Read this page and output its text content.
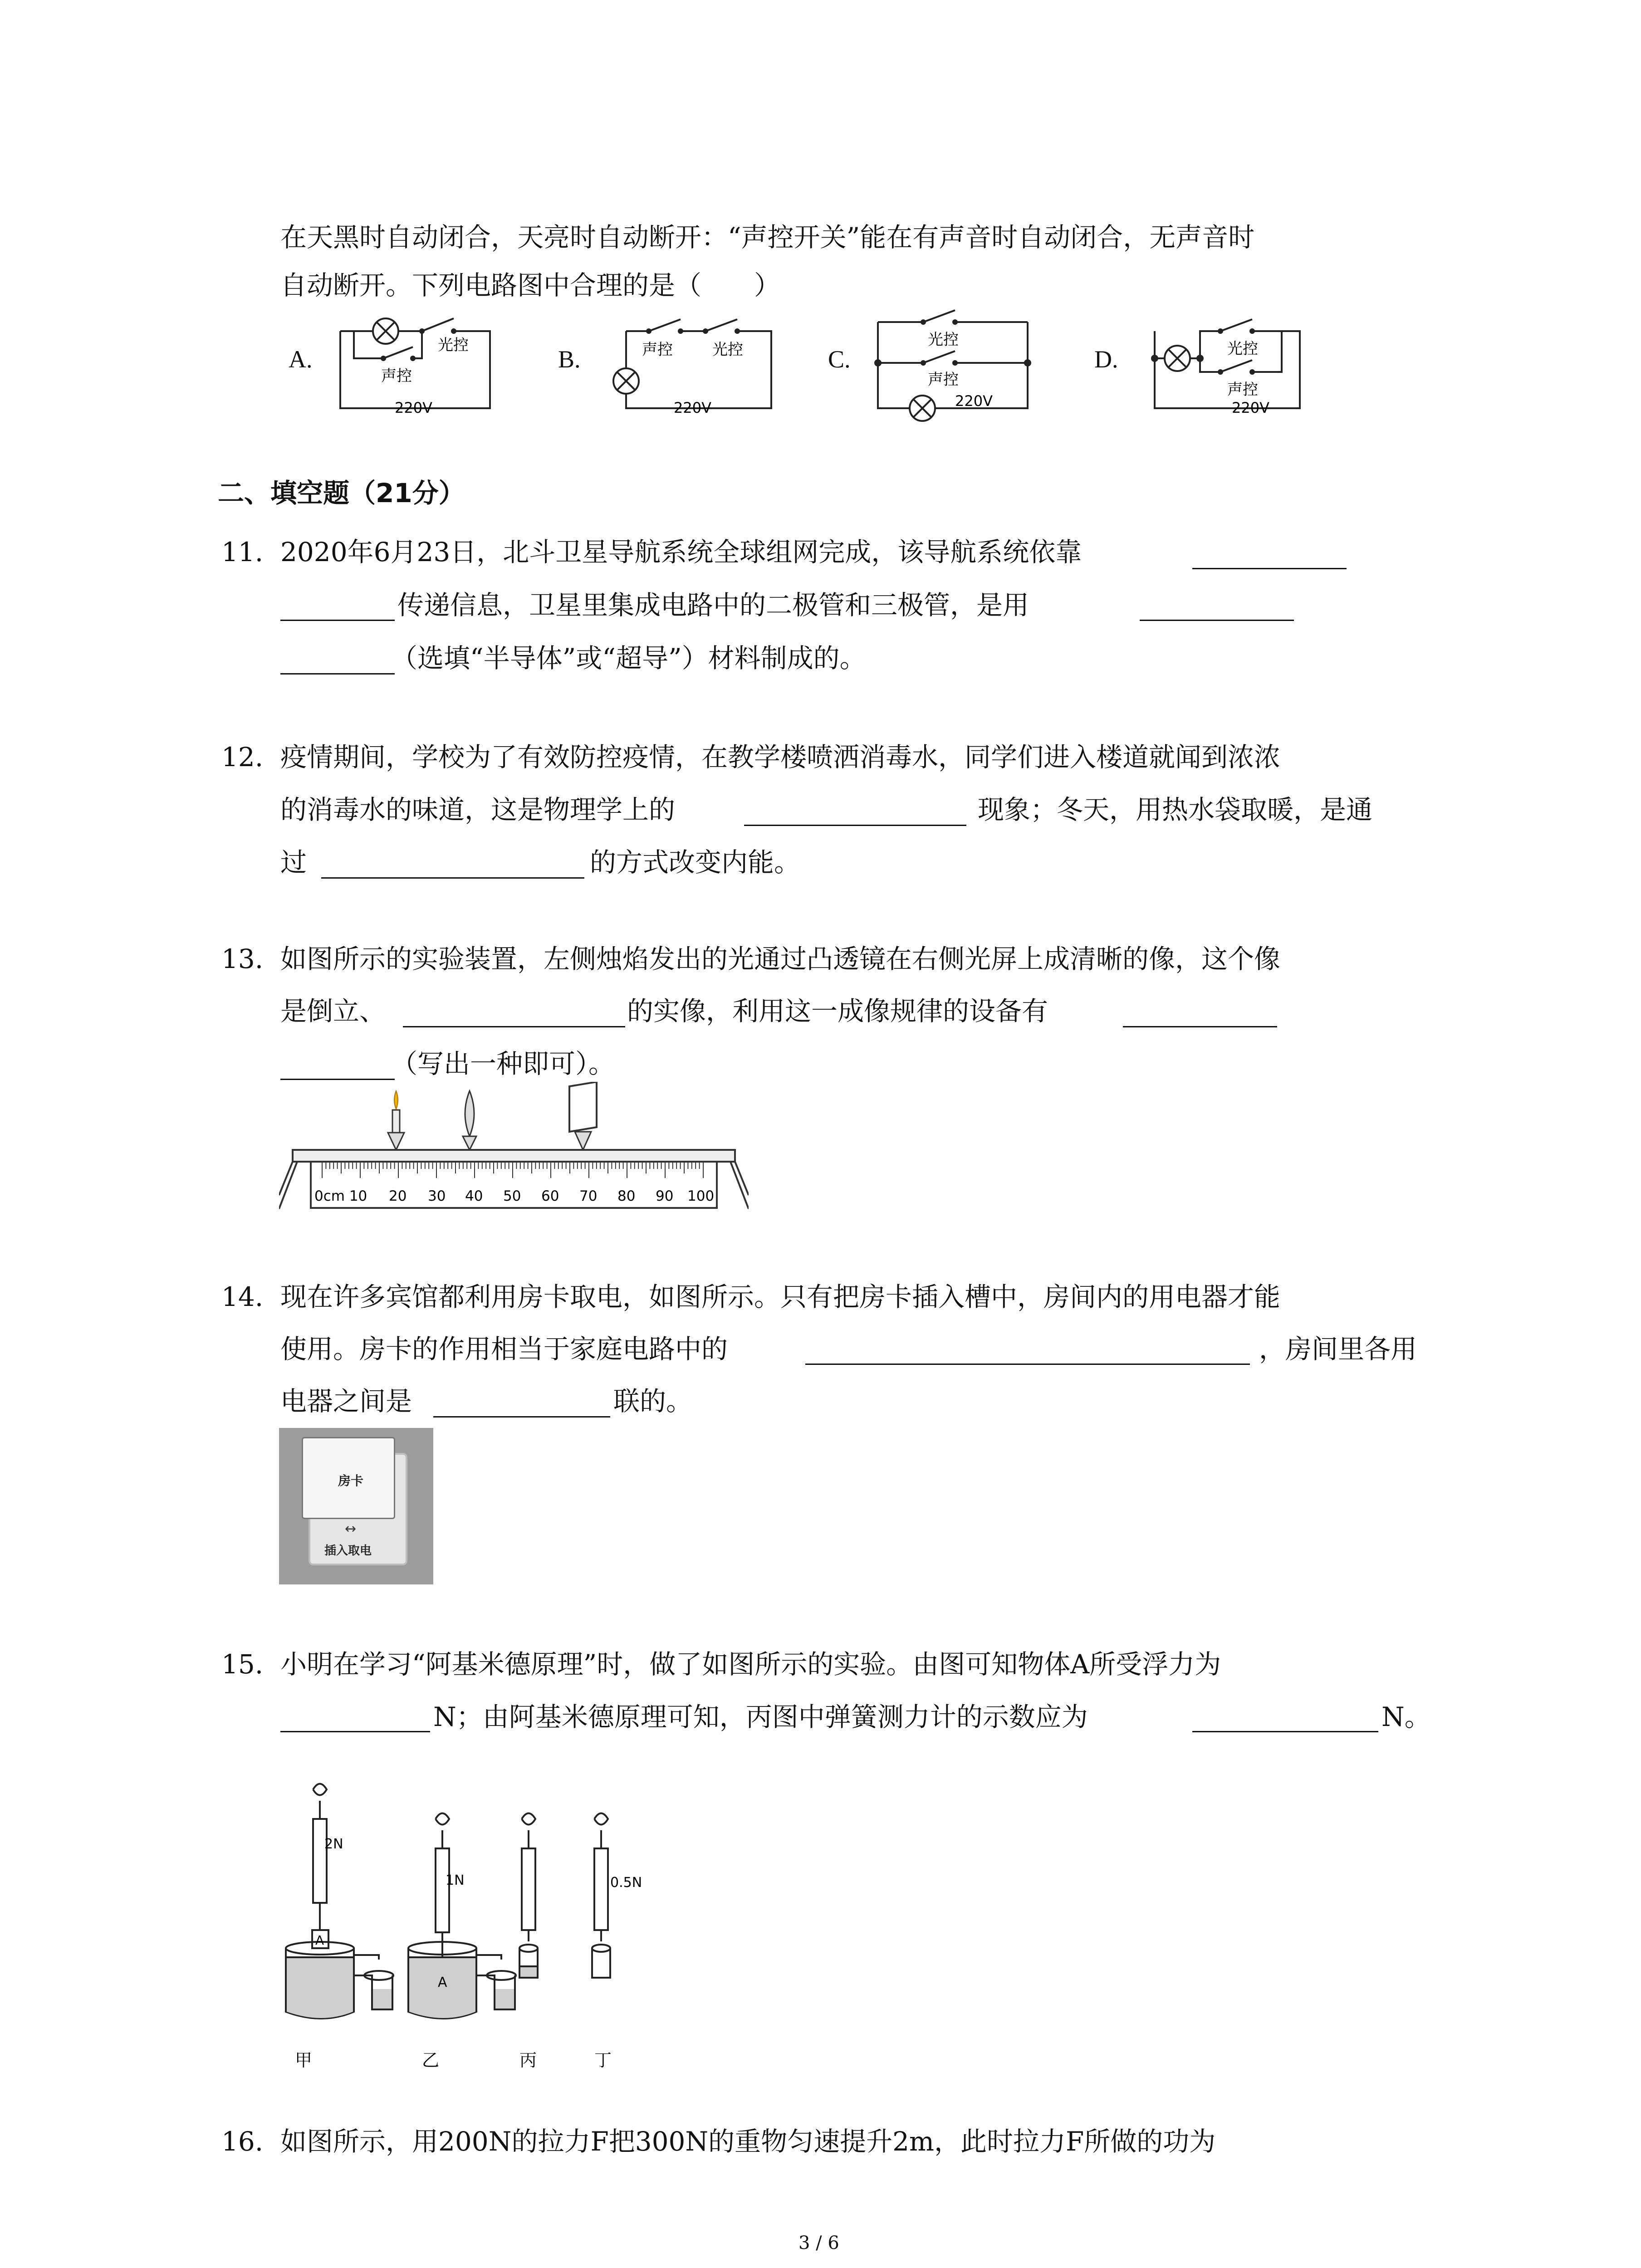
在天黑时自动闭合，天亮时自动断开：“声控开关”能在有声音时自动闭合，无声音时
自动断开。下列电路图中合理的是（　　）
A.
光控
声控
220V
B.	声控	光控
220V
C.
光控
声控
220V
D.	光控
声控
220V
二、填空题（21分）
11. 2020年6月23日，北斗卫星导航系统全球组网完成，该导航系统依靠
传递信息，卫星里集成电路中的二极管和三极管，是用
（选填“半导体”或“超导”）材料制成的。
12. 疫情期间，学校为了有效防控疫情，在教学楼喷洒消毒水，同学们进入楼道就闻到浓浓
的消毒水的味道，这是物理学上的	现象；冬天，用热水袋取暖，是通
过	的方式改变内能。
13. 如图所示的实验装置，左侧烛焰发出的光通过凸透镜在右侧光屏上成清晰的像，这个像
是倒立、	的实像，利用这一成像规律的设备有
（写出一种即可）。
0cm 10 20 30 40 50 60 70 80 90 100
14. 现在许多宾馆都利用房卡取电，如图所示。只有把房卡插入槽中，房间内的用电器才能
使用。房卡的作用相当于家庭电路中的	，房间里各用
电器之间是	联的。
房卡
↔
插入取电
15. 小明在学习“阿基米德原理”时，做了如图所示的实验。由图可知物体A所受浮力为
N；由阿基米德原理可知，丙图中弹簧测力计的示数应为	N。
2N
1N	0.5N
A
A
甲	乙	丙	丁
16. 如图所示，用200N的拉力F把300N的重物匀速提升2m，此时拉力F所做的功为
3 / 6
